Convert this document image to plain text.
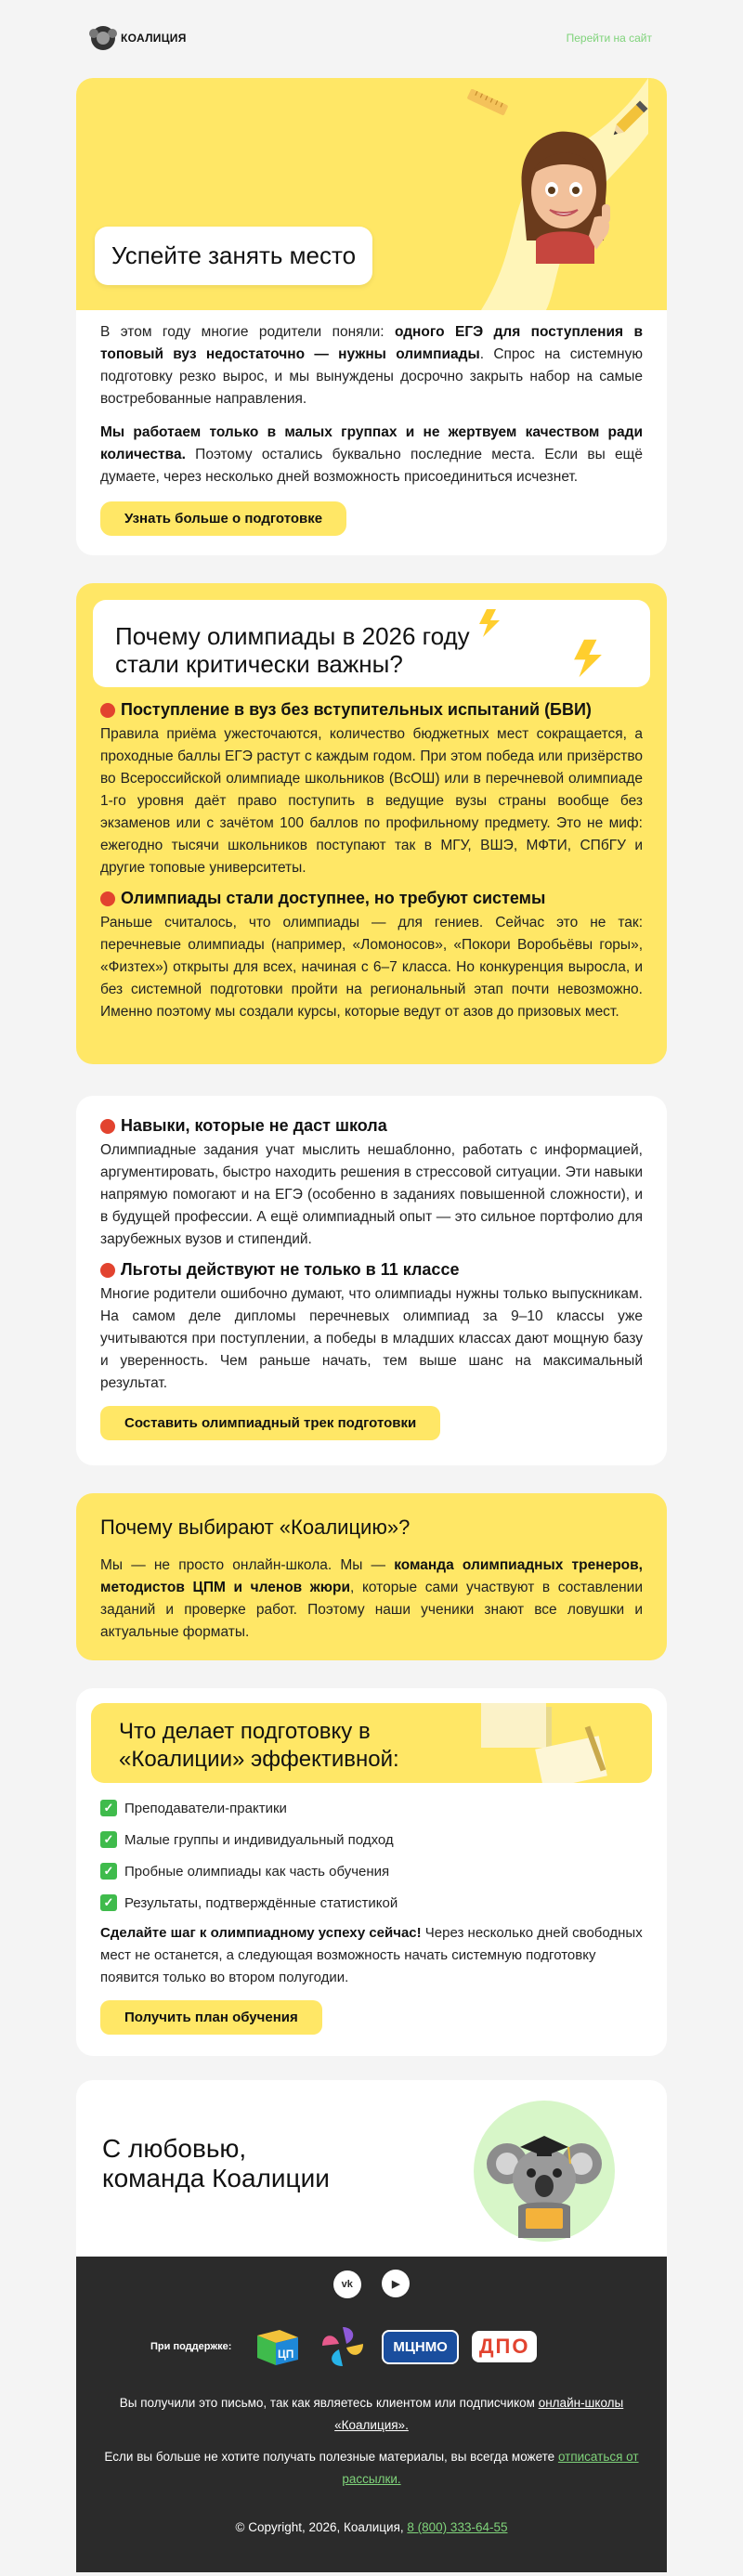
КОАЛИЦИЯ	Перейти на сайт
Успейте занять место

В этом году многие родители поняли: одного ЕГЭ для поступления в топовый вуз недостаточно — нужны олимпиады. Спрос на системную подготовку резко вырос, и мы вынуждены досрочно закрыть набор на самые востребованные направления.

Мы работаем только в малых группах и не жертвуем качеством ради количества. Поэтому остались буквально последние места. Если вы ещё думаете, через несколько дней возможность присоединиться исчезнет.

Узнать больше о подготовке
Почему олимпиады в 2026 году стали критически важны?
Поступление в вуз без вступительных испытаний (БВИ)

Правила приёма ужесточаются, количество бюджетных мест сокращается, а проходные баллы ЕГЭ растут с каждым годом. При этом победа или призёрство во Всероссийской олимпиаде школьников (ВсОШ) или в перечневой олимпиаде 1-го уровня даёт право поступить в ведущие вузы страны вообще без экзаменов или с зачётом 100 баллов по профильному предмету. Это не миф: ежегодно тысячи школьников поступают так в МГУ, ВШЭ, МФТИ, СПбГУ и другие топовые университеты.

Олимпиады стали доступнее, но требуют системы

Раньше считалось, что олимпиады — для гениев. Сейчас это не так: перечневые олимпиады (например, «Ломоносов», «Покори Воробьёвы горы», «Физтех») открыты для всех, начиная с 6–7 класса. Но конкуренция выросла, и без системной подготовки пройти на региональный этап почти невозможно. Именно поэтому мы создали курсы, которые ведут от азов до призовых мест.

Навыки, которые не даст школа

Олимпиадные задания учат мыслить нешаблонно, работать с информацией, аргументировать, быстро находить решения в стрессовой ситуации. Эти навыки напрямую помогают и на ЕГЭ (особенно в заданиях повышенной сложности), и в будущей профессии. А ещё олимпиадный опыт — это сильное портфолио для зарубежных вузов и стипендий.

Льготы действуют не только в 11 классе

Многие родители ошибочно думают, что олимпиады нужны только выпускникам. На самом деле дипломы перечневых олимпиад за 9–10 классы уже учитываются при поступлении, а победы в младших классах дают мощную базу и уверенность. Чем раньше начать, тем выше шанс на максимальный результат.

Составить олимпиадный трек подготовки
Почему выбирают «Коалицию»?

Мы — не просто онлайн-школа. Мы — команда олимпиадных тренеров, методистов ЦПМ и членов жюри, которые сами участвуют в составлении заданий и проверке работ. Поэтому наши ученики знают все ловушки и актуальные форматы.

Что делает подготовку в «Коалиции» эффективной:
✓ Преподаватели-практики
✓ Малые группы и индивидуальный подход
✓ Пробные олимпиады как часть обучения
✓ Результаты, подтверждённые статистикой

Сделайте шаг к олимпиадному успеху сейчас! Через несколько дней свободных мест не останется, а следующая возможность начать системную подготовку появится только во втором полугодии.

Получить план обучения
С любовью,
команда Коалиции
vk	▶
При поддержке:
ЦП	МЦНМО	ДПО

Вы получили это письмо, так как являетесь клиентом или подписчиком онлайн-школы «Коалиция».

Если вы больше не хотите получать полезные материалы, вы всегда можете отписаться от рассылки.

© Copyright, 2026, Коалиция, 8 (800) 333-64-55
